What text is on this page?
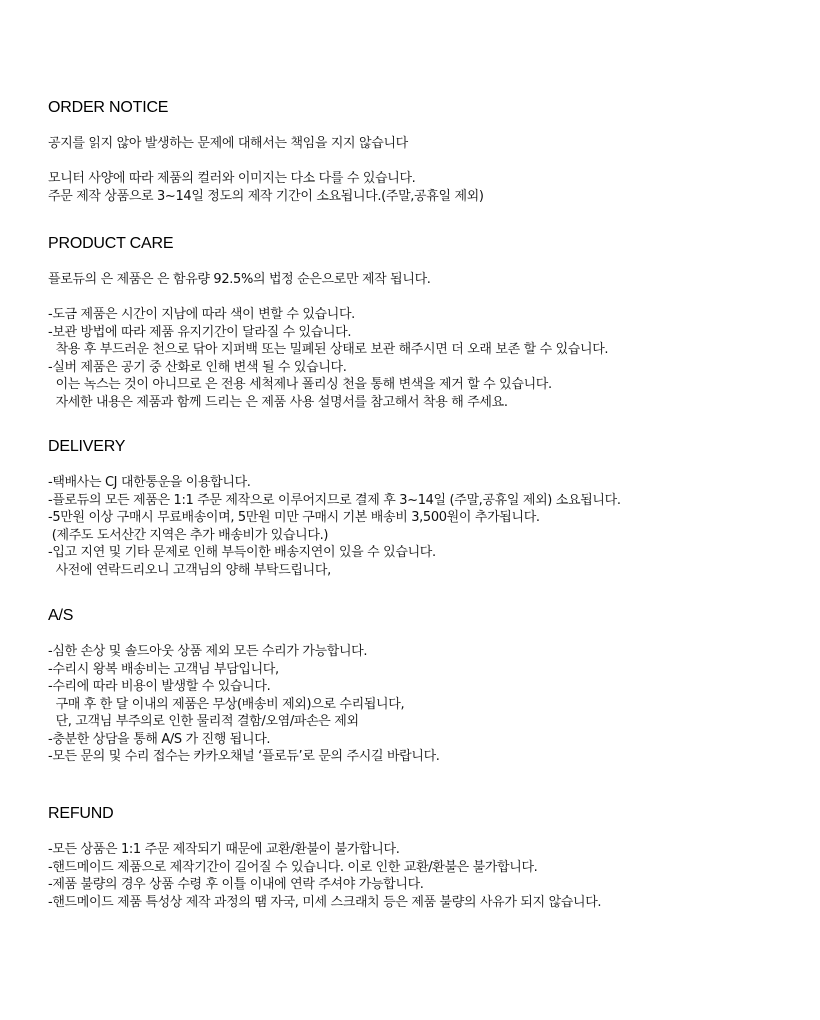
ORDER NOTICE
공지를 읽지 않아 발생하는 문제에 대해서는 책임을 지지 않습니다
모니터 사양에 따라 제품의 컬러와 이미지는 다소 다를 수 있습니다.
주문 제작 상품으로 3~14일 정도의 제작 기간이 소요됩니다.(주말,공휴일 제외)
PRODUCT CARE
플로듀의 은 제품은 은 함유량 92.5%의 법정 순은으로만 제작 됩니다.
-도금 제품은 시간이 지남에 따라 색이 변할 수 있습니다.
-보관 방법에 따라 제품 유지기간이 달라질 수 있습니다.
착용 후 부드러운 천으로 닦아 지퍼백 또는 밀폐된 상태로 보관 해주시면 더 오래 보존 할 수 있습니다.
-실버 제품은 공기 중 산화로 인해 변색 될 수 있습니다.
이는 녹스는 것이 아니므로 은 전용 세척제나 폴리싱 천을 통해 변색을 제거 할 수 있습니다.
자세한 내용은 제품과 함께 드리는 은 제품 사용 설명서를 참고해서 착용 해 주세요.
DELIVERY
-택배사는 CJ 대한통운을 이용합니다.
-플로듀의 모든 제품은 1:1 주문 제작으로 이루어지므로 결제 후 3~14일 (주말,공휴일 제외) 소요됩니다.
-5만원 이상 구매시 무료배송이며, 5만원 미만 구매시 기본 배송비 3,500원이 추가됩니다.
(제주도 도서산간 지역은 추가 배송비가 있습니다.)
-입고 지연 및 기타 문제로 인해 부득이한 배송지연이 있을 수 있습니다.
사전에 연락드리오니 고객님의 양해 부탁드립니다,
A/S
-심한 손상 및 솔드아웃 상품 제외 모든 수리가 가능합니다.
-수리시 왕복 배송비는 고객님 부담입니다,
-수리에 따라 비용이 발생할 수 있습니다.
구매 후 한 달 이내의 제품은 무상(배송비 제외)으로 수리됩니다,
단, 고객님 부주의로 인한 물리적 결함/오염/파손은 제외
-충분한 상담을 통해 A/S 가 진행 됩니다.
-모든 문의 및 수리 접수는 카카오채널 ‘플로듀’로 문의 주시길 바랍니다.
REFUND
-모든 상품은 1:1 주문 제작되기 때문에 교환/환불이 불가합니다.
-핸드메이드 제품으로 제작기간이 길어질 수 있습니다. 이로 인한 교환/환불은 불가합니다.
-제품 불량의 경우 상품 수령 후 이틀 이내에 연락 주셔야 가능합니다.
-핸드메이드 제품 특성상 제작 과정의 땜 자국, 미세 스크래치 등은 제품 불량의 사유가 되지 않습니다.
